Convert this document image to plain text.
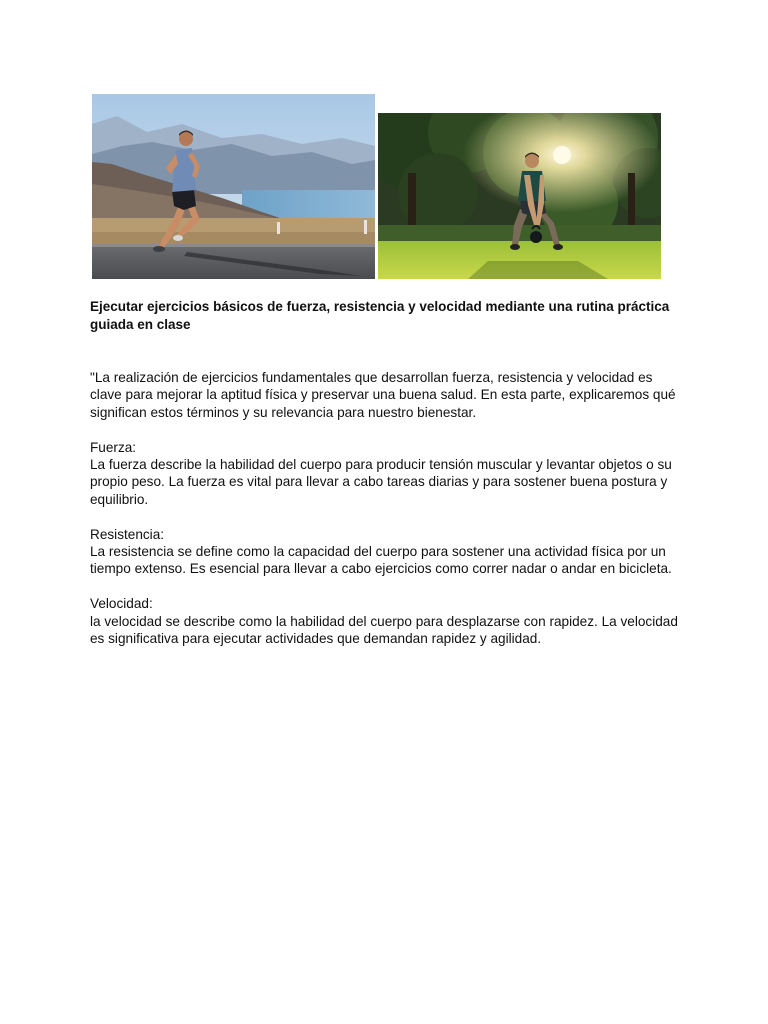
Ejecutar ejercicios básicos de fuerza, resistencia y velocidad mediante una rutina práctica guiada en clase

"La realización de ejercicios fundamentales que desarrollan fuerza, resistencia y velocidad es clave para mejorar la aptitud física y preservar una buena salud. En esta parte, explicaremos qué significan estos términos y su relevancia para nuestro bienestar.

Fuerza:
La fuerza describe la habilidad del cuerpo para producir tensión muscular y levantar objetos o su propio peso. La fuerza es vital para llevar a cabo tareas diarias y para sostener buena postura y equilibrio.

Resistencia:
La resistencia se define como la capacidad del cuerpo para sostener una actividad física por un tiempo extenso. Es esencial para llevar a cabo ejercicios como correr nadar o andar en bicicleta.

Velocidad:
la velocidad se describe como la habilidad del cuerpo para desplazarse con rapidez. La velocidad es significativa para ejecutar actividades que demandan rapidez y agilidad.
